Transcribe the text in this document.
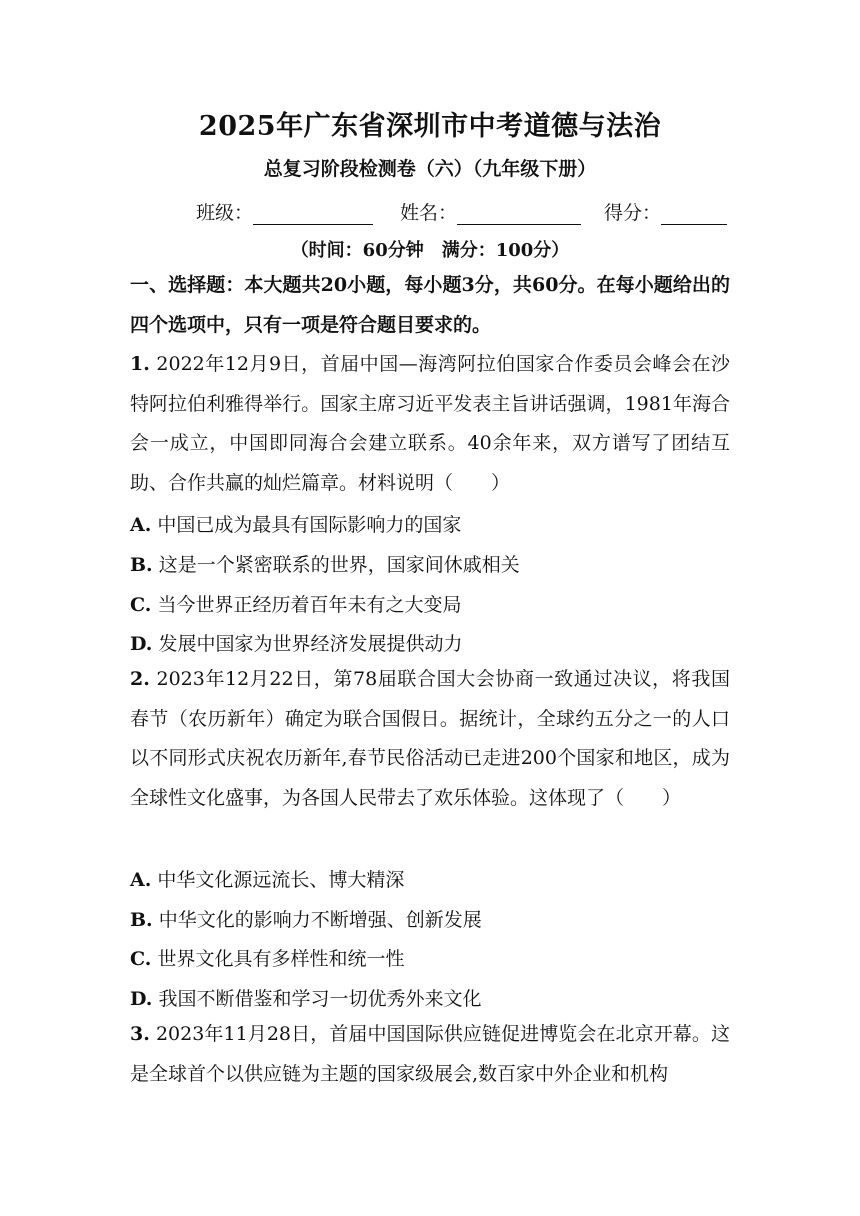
2025年广东省深圳市中考道德与法治
总复习阶段检测卷（六）（九年级下册）
班级：	姓名：	得分：
（时间：60分钟　满分：100分）
一、选择题：本大题共20小题，每小题3分，共60分。在每小题给出的四个选项中，只有一项是符合题目要求的。
1. 2022年12月9日，首届中国—海湾阿拉伯国家合作委员会峰会在沙特阿拉伯利雅得举行。国家主席习近平发表主旨讲话强调，1981年海合会一成立，中国即同海合会建立联系。40余年来，双方谱写了团结互助、合作共赢的灿烂篇章。材料说明（　　）
A. 中国已成为最具有国际影响力的国家
B. 这是一个紧密联系的世界，国家间休戚相关
C. 当今世界正经历着百年未有之大变局
D. 发展中国家为世界经济发展提供动力
2. 2023年12月22日，第78届联合国大会协商一致通过决议，将我国春节（农历新年）确定为联合国假日。据统计，全球约五分之一的人口以不同形式庆祝农历新年,春节民俗活动已走进200个国家和地区，成为全球性文化盛事，为各国人民带去了欢乐体验。这体现了（　　）
A. 中华文化源远流长、博大精深
B. 中华文化的影响力不断增强、创新发展
C. 世界文化具有多样性和统一性
D. 我国不断借鉴和学习一切优秀外来文化
3. 2023年11月28日，首届中国国际供应链促进博览会在北京开幕。这是全球首个以供应链为主题的国家级展会,数百家中外企业和机构
